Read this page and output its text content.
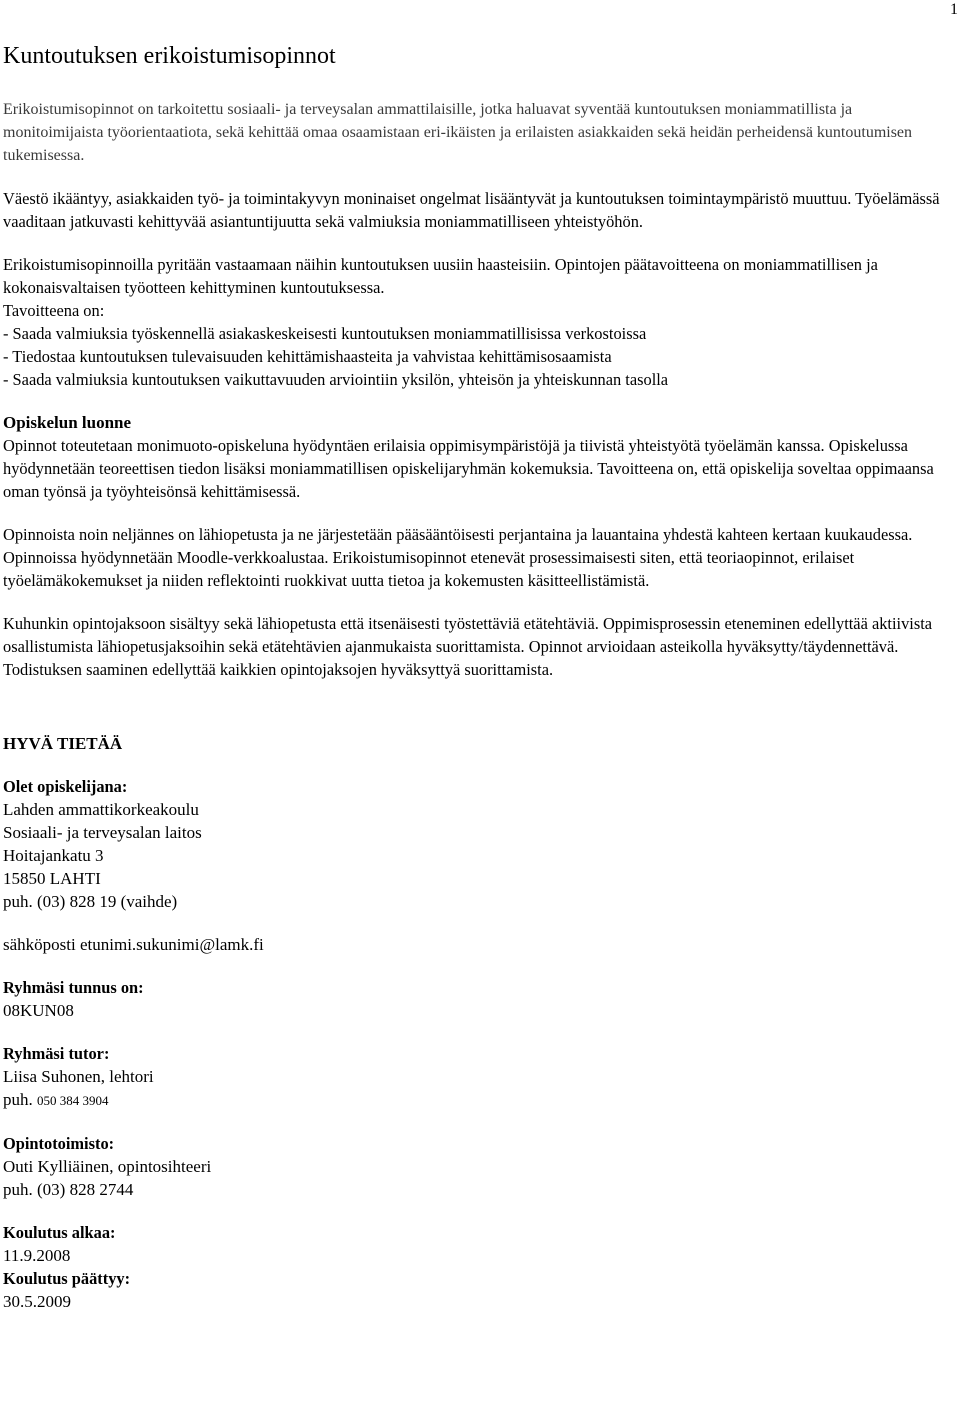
1
Kuntoutuksen erikoistumisopinnot

Erikoistumisopinnot on tarkoitettu sosiaali- ja terveysalan ammattilaisille, jotka haluavat syventää kuntoutuksen moniammatillista ja monitoimijaista työorientaatiota, sekä kehittää omaa osaamistaan eri-ikäisten ja erilaisten asiakkaiden sekä heidän perheidensä kuntoutumisen tukemisessa.

Väestö ikääntyy, asiakkaiden työ- ja toimintakyvyn moninaiset ongelmat lisääntyvät ja kuntoutuksen toimintaympäristö muuttuu. Työelämässä vaaditaan jatkuvasti kehittyvää asiantuntijuutta sekä valmiuksia moniammatilliseen yhteistyöhön.

Erikoistumisopinnoilla pyritään vastaamaan näihin kuntoutuksen uusiin haasteisiin. Opintojen päätavoitteena on moniammatillisen ja kokonaisvaltaisen työotteen kehittyminen kuntoutuksessa.

Tavoitteena on:

- Saada valmiuksia työskennellä asiakaskeskeisesti kuntoutuksen moniammatillisissa verkostoissa
- Tiedostaa kuntoutuksen tulevaisuuden kehittämishaasteita ja vahvistaa kehittämisosaamista
- Saada valmiuksia kuntoutuksen vaikuttavuuden arviointiin yksilön, yhteisön ja yhteiskunnan tasolla

Opiskelun luonne

Opinnot toteutetaan monimuoto-opiskeluna hyödyntäen erilaisia oppimisympäristöjä ja tiivistä yhteistyötä työelämän kanssa. Opiskelussa hyödynnetään teoreettisen tiedon lisäksi moniammatillisen opiskelijaryhmän kokemuksia. Tavoitteena on, että opiskelija soveltaa oppimaansa oman työnsä ja työyhteisönsä kehittämisessä.

Opinnoista noin neljännes on lähiopetusta ja ne järjestetään pääsääntöisesti perjantaina ja lauantaina yhdestä kahteen kertaan kuukaudessa. Opinnoissa hyödynnetään Moodle-verkkoalustaa. Erikoistumisopinnot etenevät prosessimaisesti siten, että teoriaopinnot, erilaiset työelämäkokemukset ja niiden reflektointi ruokkivat uutta tietoa ja kokemusten käsitteellistämistä.

Kuhunkin opintojaksoon sisältyy sekä lähiopetusta että itsenäisesti työstettäviä etätehtäviä. Oppimisprosessin eteneminen edellyttää aktiivista osallistumista lähiopetusjaksoihin sekä etätehtävien ajanmukaista suorittamista. Opinnot arvioidaan asteikolla hyväksytty/täydennettävä. Todistuksen saaminen edellyttää kaikkien opintojaksojen hyväksyttyä suorittamista.

HYVÄ TIETÄÄ

Olet opiskelijana:

Lahden ammattikorkeakoulu

Sosiaali- ja terveysalan laitos

Hoitajankatu 3

15850 LAHTI

puh. (03) 828 19 (vaihde)

sähköposti etunimi.sukunimi@lamk.fi

Ryhmäsi tunnus on:

08KUN08

Ryhmäsi tutor:

Liisa Suhonen, lehtori

puh. 050 384 3904

Opintotoimisto:

Outi Kylliäinen, opintosihteeri

puh. (03) 828 2744

Koulutus alkaa:

11.9.2008

Koulutus päättyy:

30.5.2009
